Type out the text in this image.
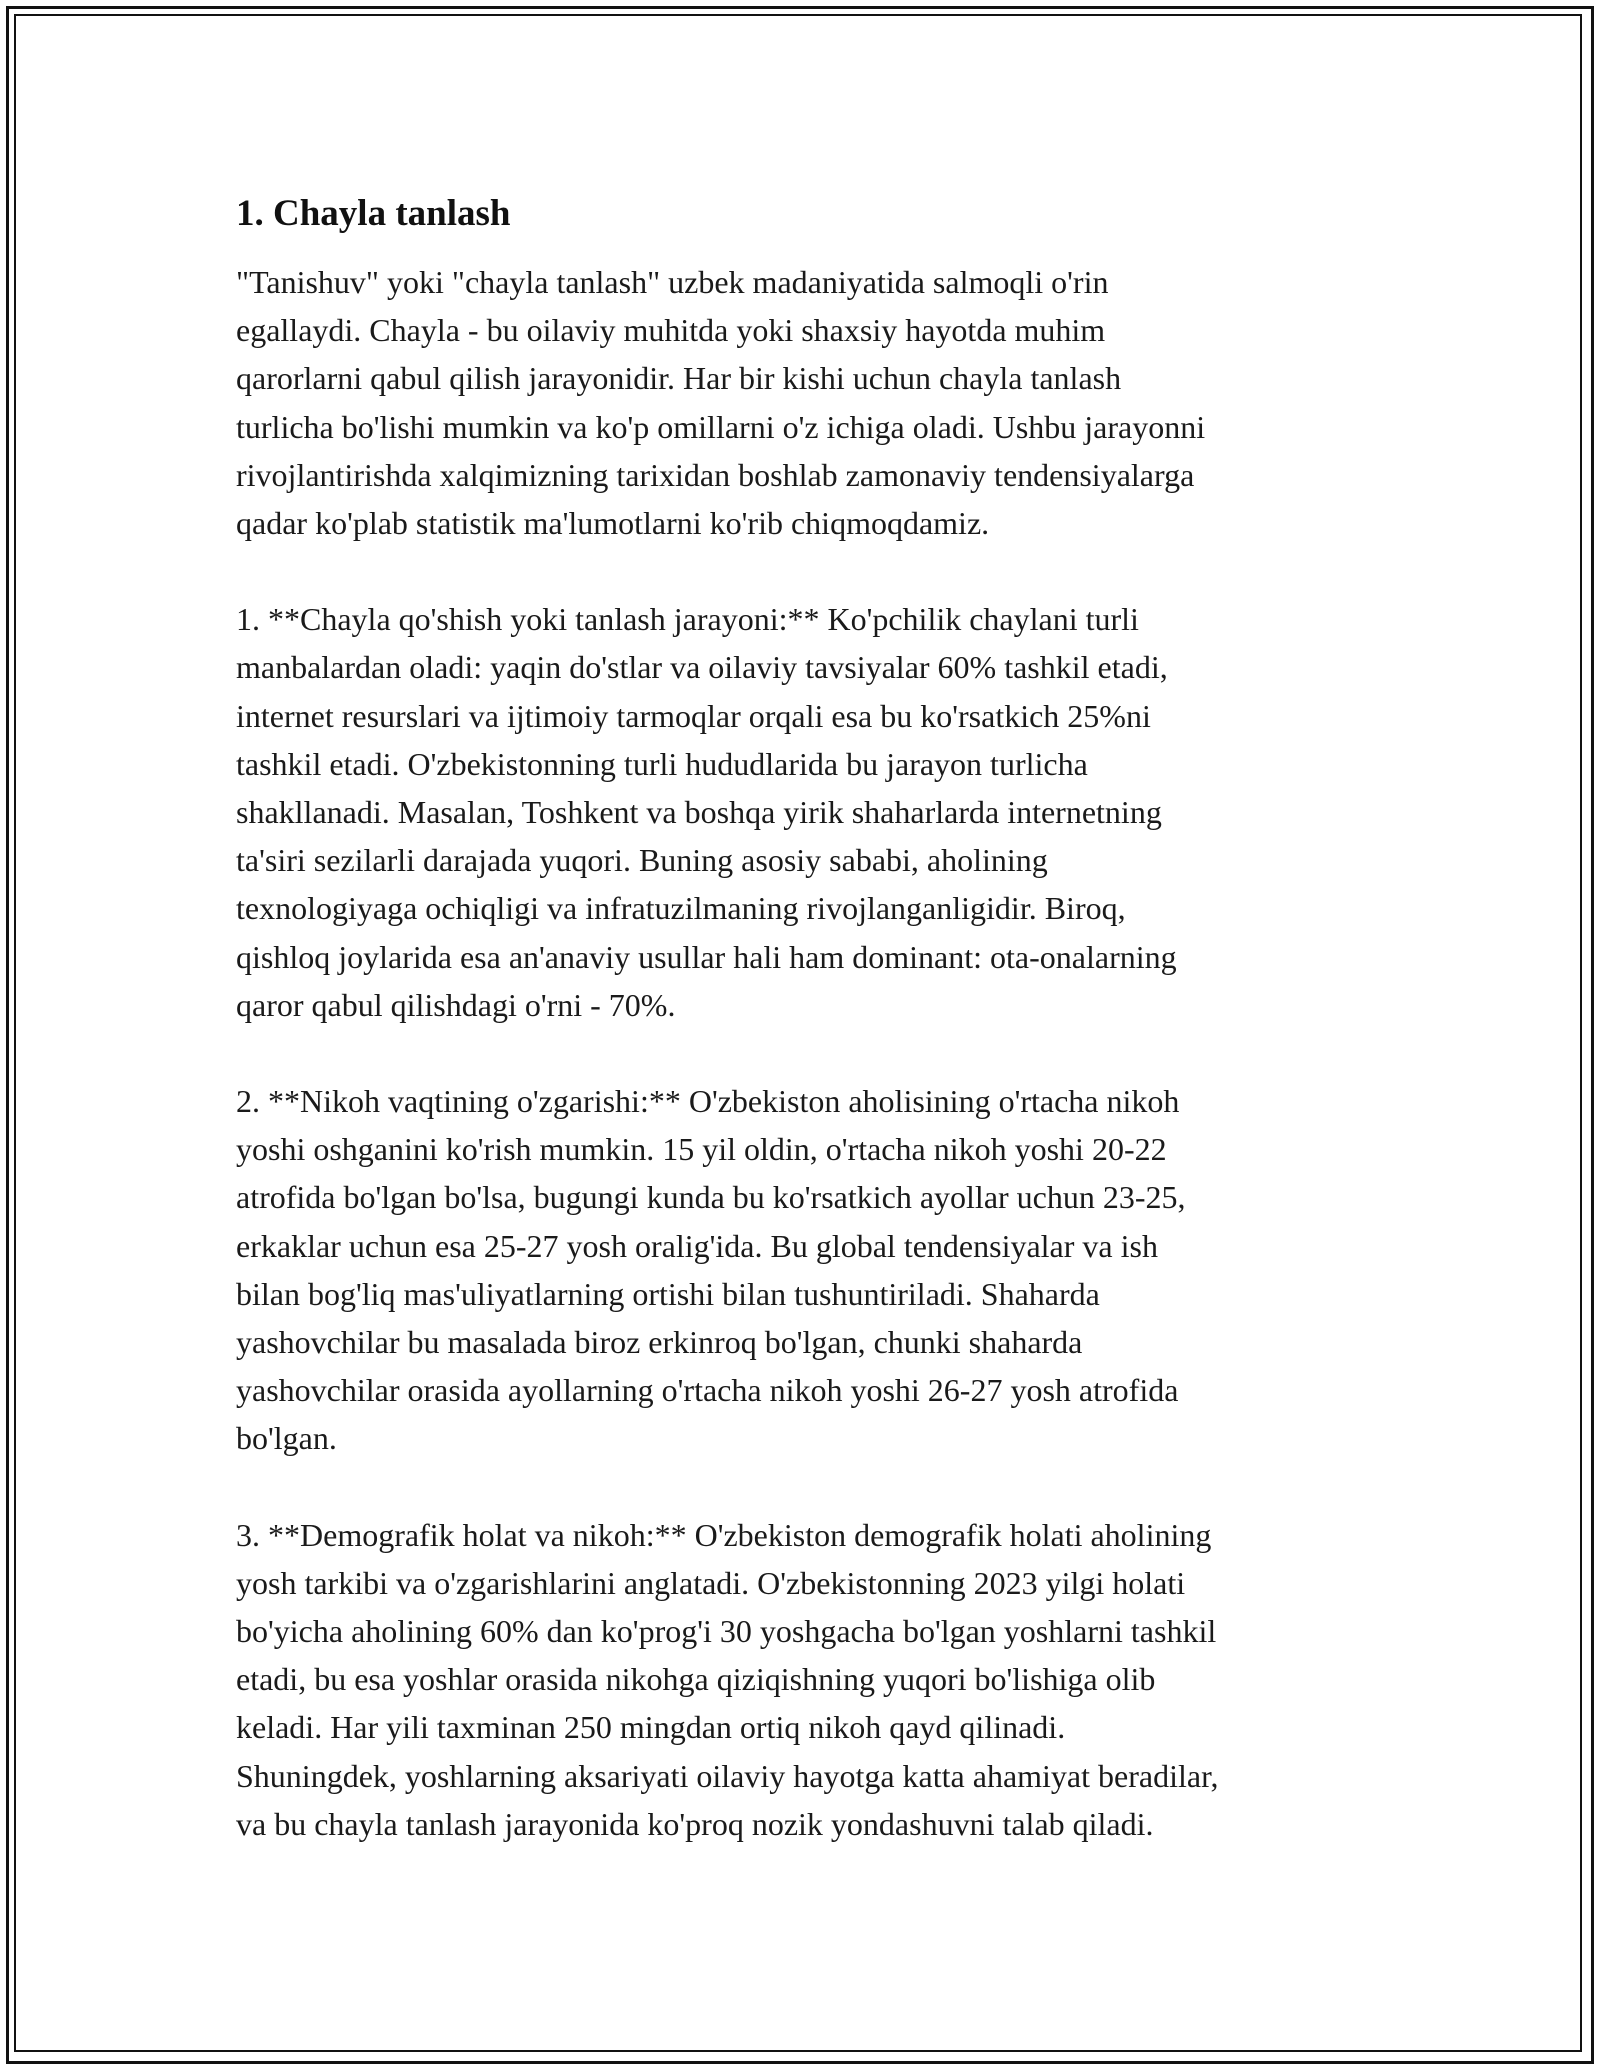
1. Chayla tanlash

"Tanishuv" yoki "chayla tanlash" uzbek madaniyatida salmoqli o'rin
egallaydi. Chayla - bu oilaviy muhitda yoki shaxsiy hayotda muhim
qarorlarni qabul qilish jarayonidir. Har bir kishi uchun chayla tanlash
turlicha bo'lishi mumkin va ko'p omillarni o'z ichiga oladi. Ushbu jarayonni
rivojlantirishda xalqimizning tarixidan boshlab zamonaviy tendensiyalarga
qadar ko'plab statistik ma'lumotlarni ko'rib chiqmoqdamiz.

1. **Chayla qo'shish yoki tanlash jarayoni:** Ko'pchilik chaylani turli
manbalardan oladi: yaqin do'stlar va oilaviy tavsiyalar 60% tashkil etadi,
internet resurslari va ijtimoiy tarmoqlar orqali esa bu ko'rsatkich 25%ni
tashkil etadi. O'zbekistonning turli hududlarida bu jarayon turlicha
shakllanadi. Masalan, Toshkent va boshqa yirik shaharlarda internetning
ta'siri sezilarli darajada yuqori. Buning asosiy sababi, aholining
texnologiyaga ochiqligi va infratuzilmaning rivojlanganligidir. Biroq,
qishloq joylarida esa an'anaviy usullar hali ham dominant: ota-onalarning
qaror qabul qilishdagi o'rni - 70%.

2. **Nikoh vaqtining o'zgarishi:** O'zbekiston aholisining o'rtacha nikoh
yoshi oshganini ko'rish mumkin. 15 yil oldin, o'rtacha nikoh yoshi 20-22
atrofida bo'lgan bo'lsa, bugungi kunda bu ko'rsatkich ayollar uchun 23-25,
erkaklar uchun esa 25-27 yosh oralig'ida. Bu global tendensiyalar va ish
bilan bog'liq mas'uliyatlarning ortishi bilan tushuntiriladi. Shaharda
yashovchilar bu masalada biroz erkinroq bo'lgan, chunki shaharda
yashovchilar orasida ayollarning o'rtacha nikoh yoshi 26-27 yosh atrofida
bo'lgan.

3. **Demografik holat va nikoh:** O'zbekiston demografik holati aholining
yosh tarkibi va o'zgarishlarini anglatadi. O'zbekistonning 2023 yilgi holati
bo'yicha aholining 60% dan ko'prog'i 30 yoshgacha bo'lgan yoshlarni tashkil
etadi, bu esa yoshlar orasida nikohga qiziqishning yuqori bo'lishiga olib
keladi. Har yili taxminan 250 mingdan ortiq nikoh qayd qilinadi.
Shuningdek, yoshlarning aksariyati oilaviy hayotga katta ahamiyat beradilar,
va bu chayla tanlash jarayonida ko'proq nozik yondashuvni talab qiladi.
